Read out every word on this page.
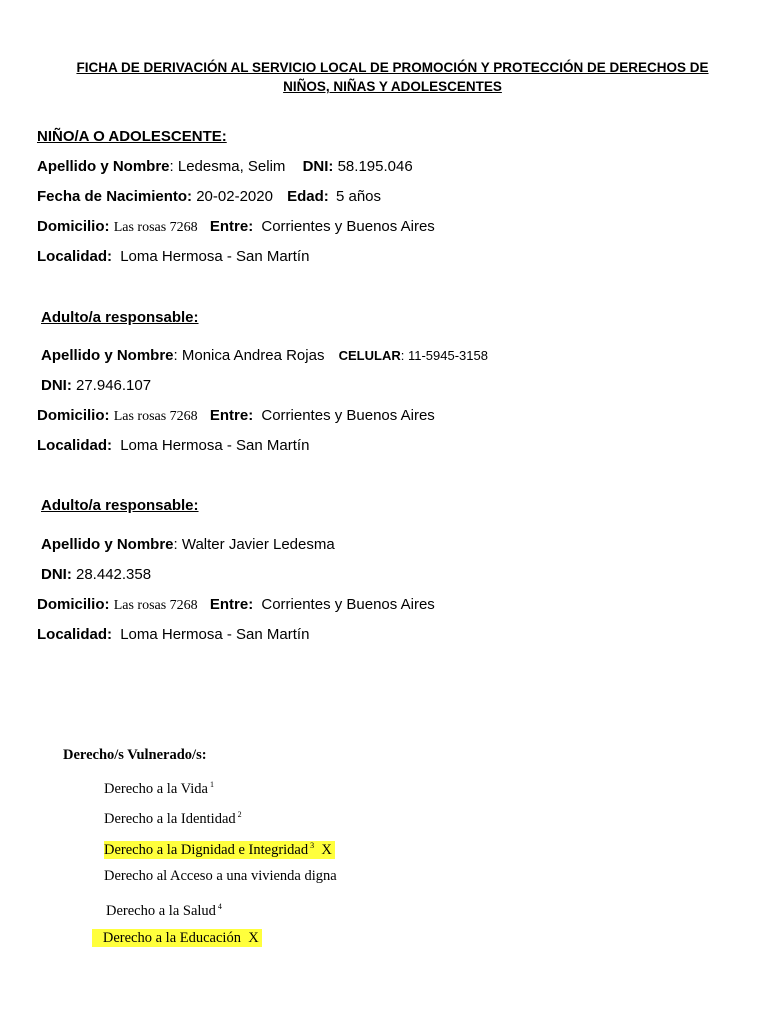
FICHA DE DERIVACIÓN AL SERVICIO LOCAL DE PROMOCIÓN Y PROTECCIÓN DE DERECHOS DE
NIÑOS, NIÑAS Y ADOLESCENTES
NIÑO/A O ADOLESCENTE:
Apellido y Nombre: Ledesma, Selim DNI: 58.195.046
Fecha de Nacimiento: 20-02-2020 Edad: 5 años
Domicilio: Las rosas 7268 Entre: Corrientes y Buenos Aires
Localidad: Loma Hermosa - San Martín
Adulto/a responsable:
Apellido y Nombre: Monica Andrea Rojas CELULAR: 11-5945-3158
DNI: 27.946.107
Domicilio: Las rosas 7268 Entre: Corrientes y Buenos Aires
Localidad: Loma Hermosa - San Martín
Adulto/a responsable:
Apellido y Nombre: Walter Javier Ledesma
DNI: 28.442.358
Domicilio: Las rosas 7268 Entre: Corrientes y Buenos Aires
Localidad: Loma Hermosa - San Martín
Derecho/s Vulnerado/s:
Derecho a la Vida $^1$
Derecho a la Identidad $^2$
Derecho a la Dignidad e Integridad $^3$ X
Derecho al Acceso a una vivienda digna
Derecho a la Salud $^4$
Derecho a la Educación X
